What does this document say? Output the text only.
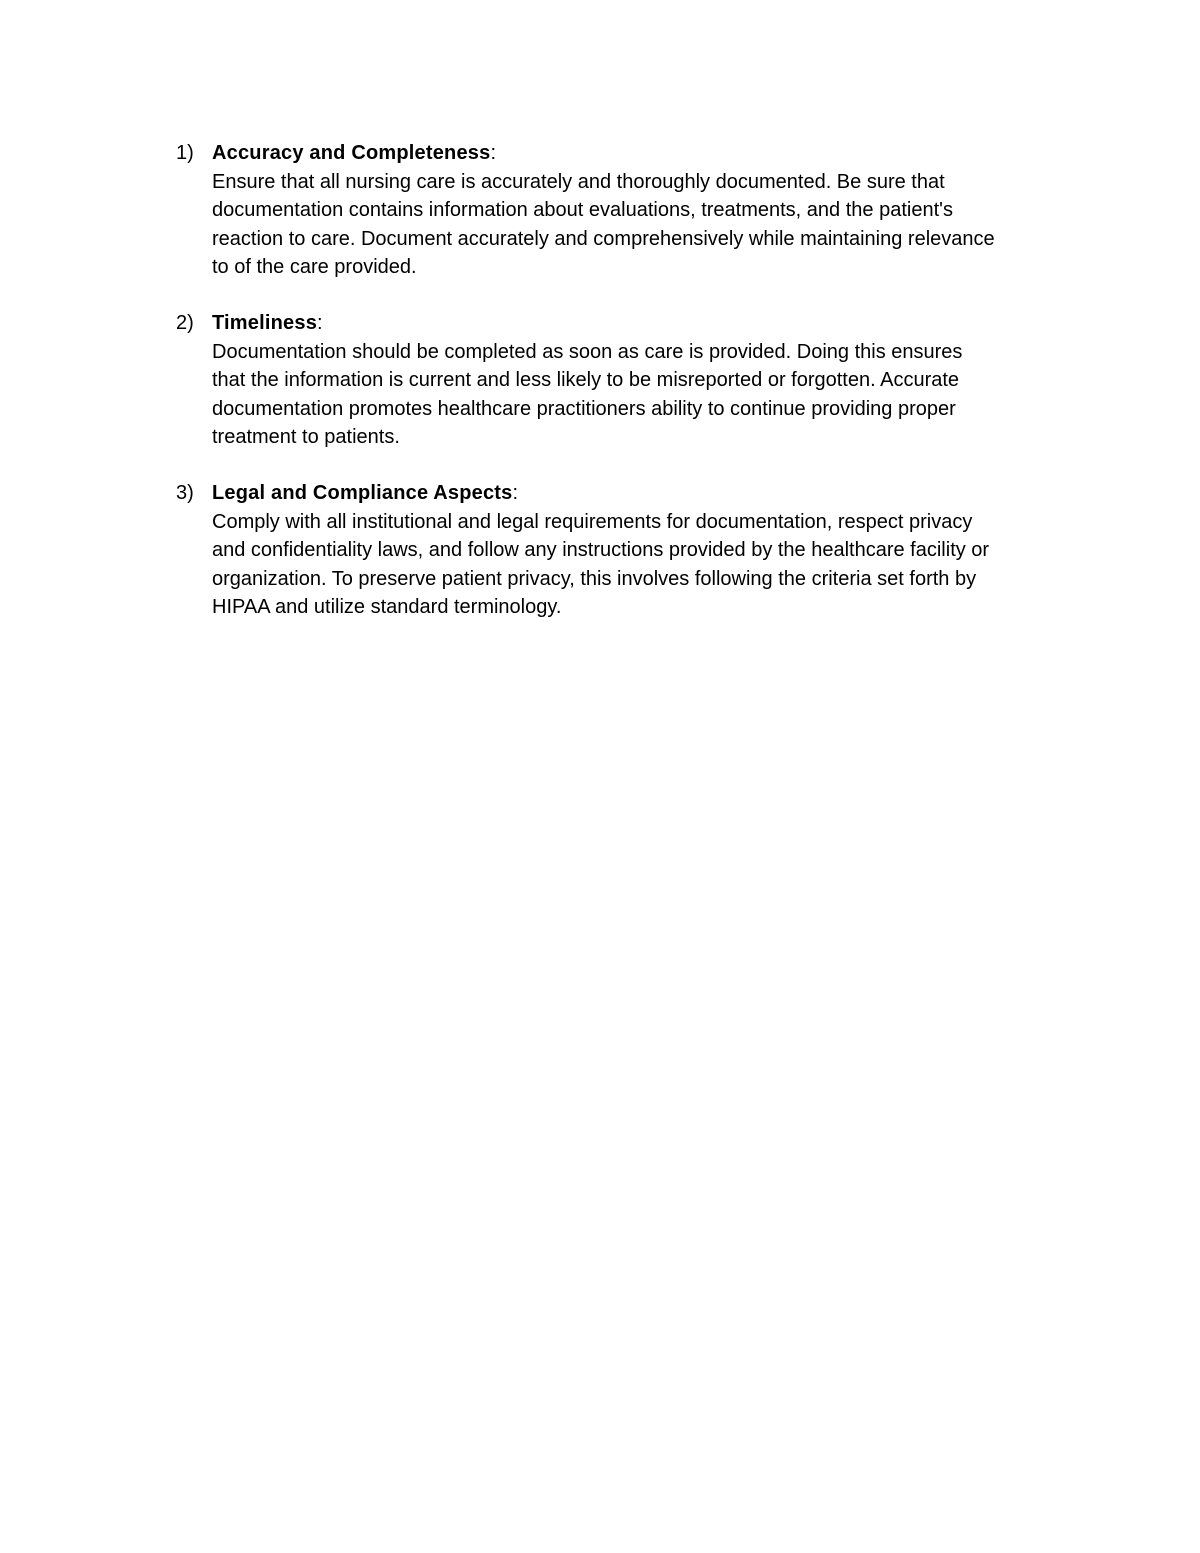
1) Accuracy and Completeness:
Ensure that all nursing care is accurately and thoroughly documented. Be sure that
documentation contains information about evaluations, treatments, and the patient's
reaction to care. Document accurately and comprehensively while maintaining relevance
to of the care provided.
2) Timeliness:
Documentation should be completed as soon as care is provided. Doing this ensures
that the information is current and less likely to be misreported or forgotten. Accurate
documentation promotes healthcare practitioners ability to continue providing proper
treatment to patients.
3) Legal and Compliance Aspects:
Comply with all institutional and legal requirements for documentation, respect privacy
and confidentiality laws, and follow any instructions provided by the healthcare facility or
organization. To preserve patient privacy, this involves following the criteria set forth by
HIPAA and utilize standard terminology.
